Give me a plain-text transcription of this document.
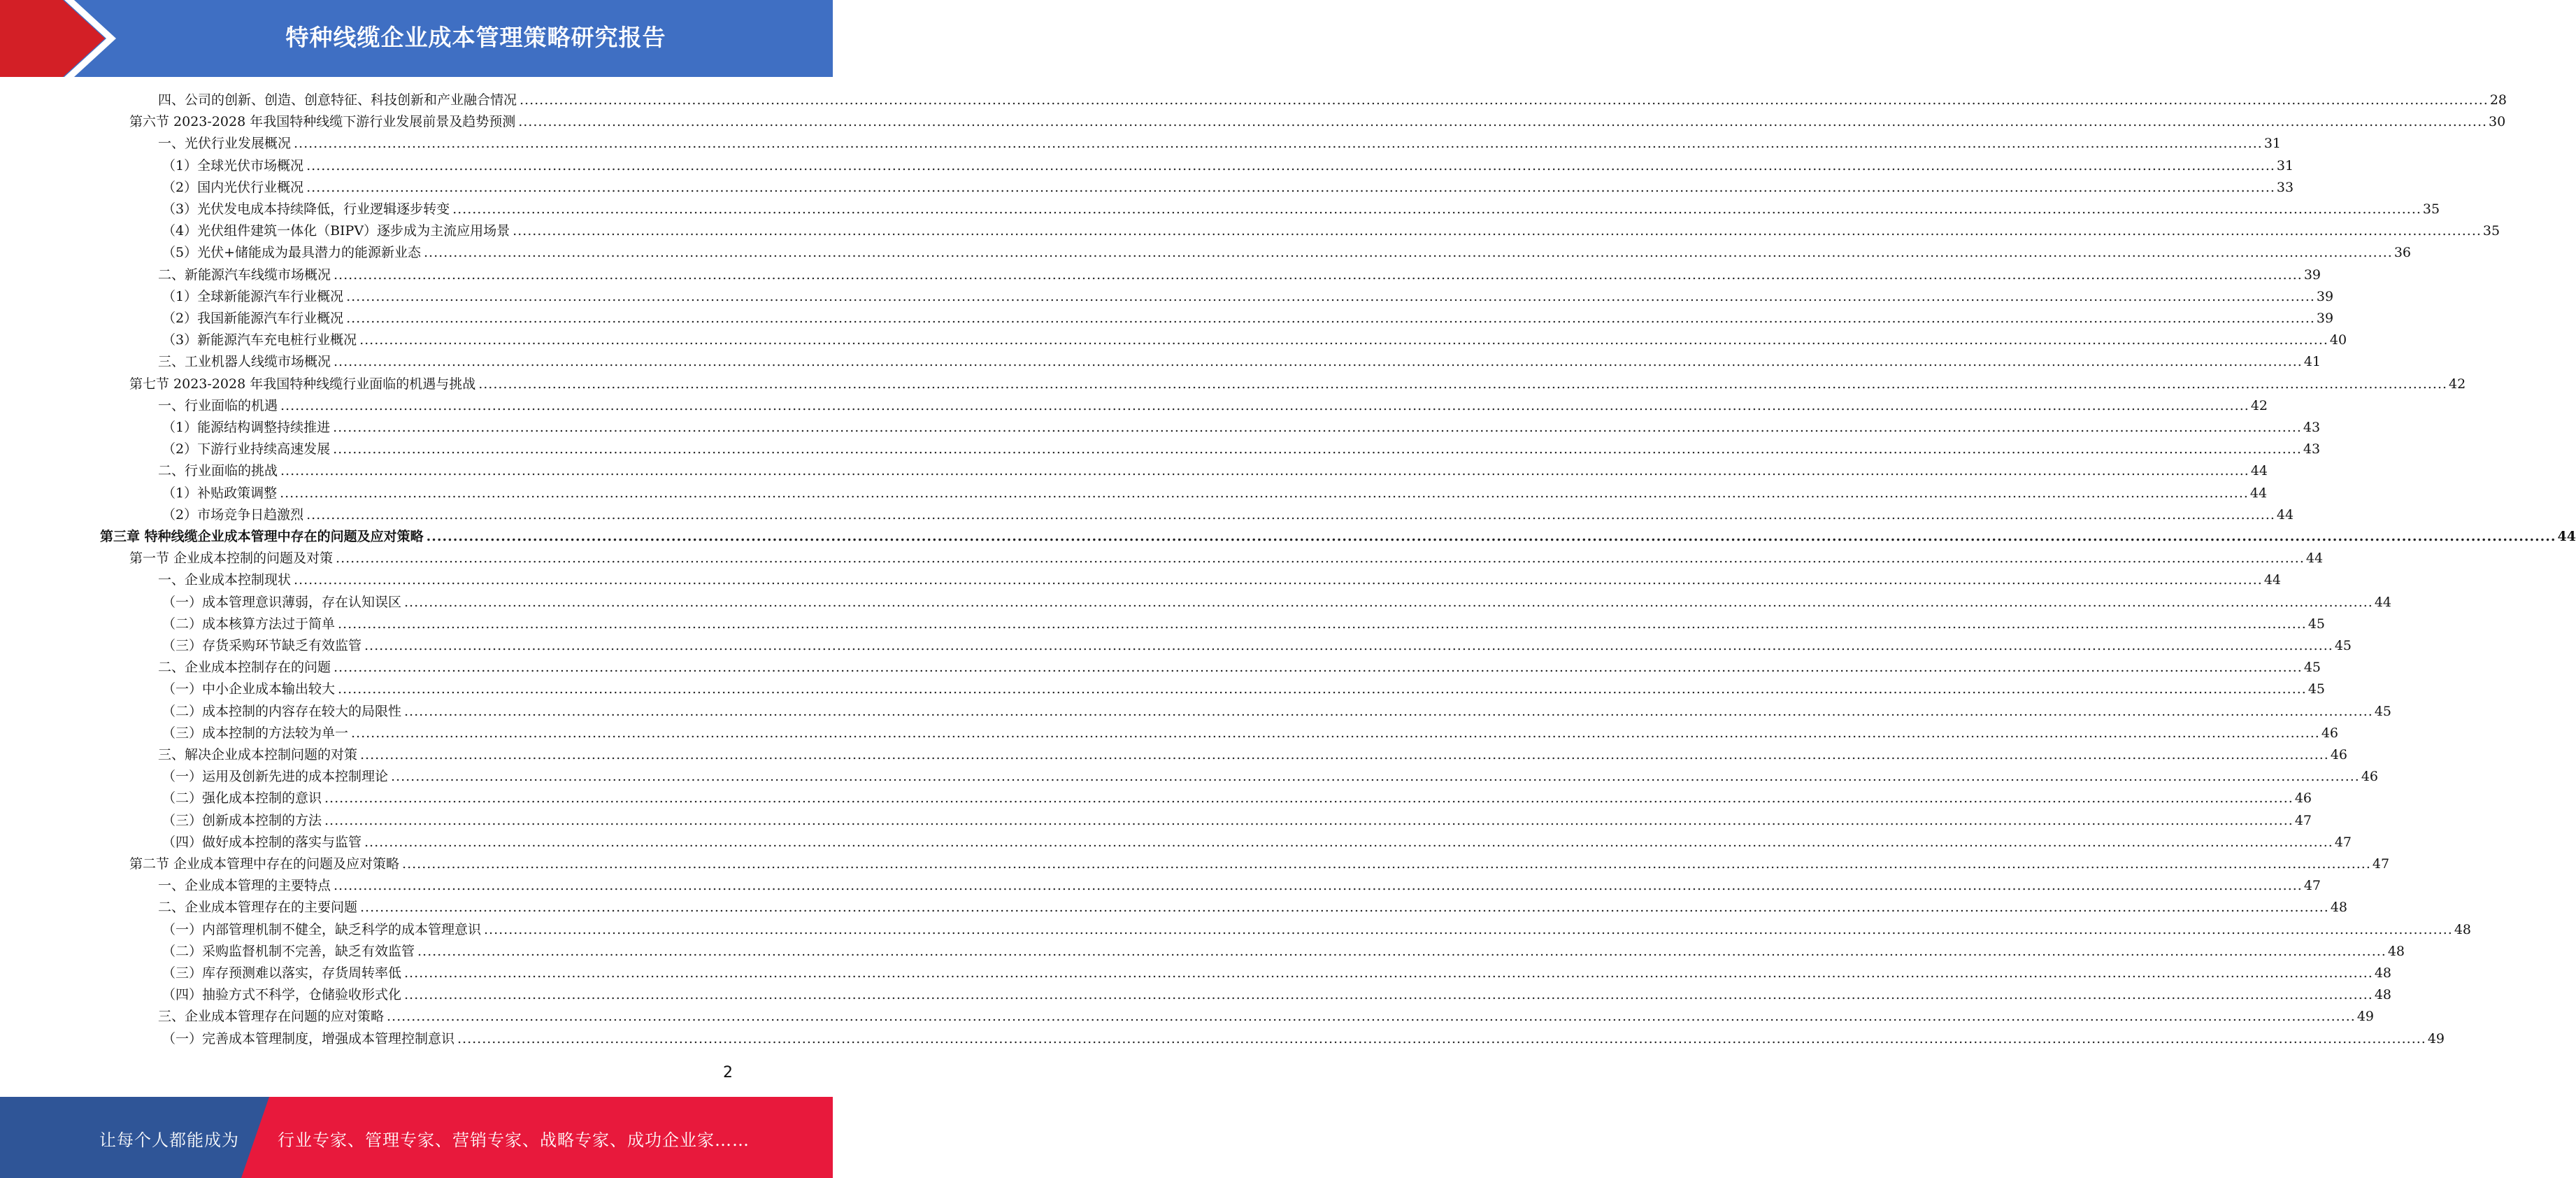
特种线缆企业成本管理策略研究报告
四、公司的创新、创造、创意特征、科技创新和产业融合情况 ................................................................................................................................................................................................................................................................................................................................................................................................................ 28
第六节 2023-2028 年我国特种线缆下游行业发展前景及趋势预测 ................................................................................................................................................................................................................................................................................................................................................................................................................ 30
一、光伏行业发展概况 ................................................................................................................................................................................................................................................................................................................................................................................................................ 31
（1）全球光伏市场概况 ................................................................................................................................................................................................................................................................................................................................................................................................................ 31
（2）国内光伏行业概况 ................................................................................................................................................................................................................................................................................................................................................................................................................ 33
（3）光伏发电成本持续降低，行业逻辑逐步转变 ................................................................................................................................................................................................................................................................................................................................................................................................................ 35
（4）光伏组件建筑一体化（BIPV）逐步成为主流应用场景 ................................................................................................................................................................................................................................................................................................................................................................................................................ 35
（5）光伏+储能成为最具潜力的能源新业态 ................................................................................................................................................................................................................................................................................................................................................................................................................ 36
二、新能源汽车线缆市场概况 ................................................................................................................................................................................................................................................................................................................................................................................................................ 39
（1）全球新能源汽车行业概况 ................................................................................................................................................................................................................................................................................................................................................................................................................ 39
（2）我国新能源汽车行业概况 ................................................................................................................................................................................................................................................................................................................................................................................................................ 39
（3）新能源汽车充电桩行业概况 ................................................................................................................................................................................................................................................................................................................................................................................................................ 40
三、工业机器人线缆市场概况 ................................................................................................................................................................................................................................................................................................................................................................................................................ 41
第七节 2023-2028 年我国特种线缆行业面临的机遇与挑战 ................................................................................................................................................................................................................................................................................................................................................................................................................ 42
一、行业面临的机遇 ................................................................................................................................................................................................................................................................................................................................................................................................................ 42
（1）能源结构调整持续推进 ................................................................................................................................................................................................................................................................................................................................................................................................................ 43
（2）下游行业持续高速发展 ................................................................................................................................................................................................................................................................................................................................................................................................................ 43
二、行业面临的挑战 ................................................................................................................................................................................................................................................................................................................................................................................................................ 44
（1）补贴政策调整 ................................................................................................................................................................................................................................................................................................................................................................................................................ 44
（2）市场竞争日趋激烈 ................................................................................................................................................................................................................................................................................................................................................................................................................ 44
第三章 特种线缆企业成本管理中存在的问题及应对策略 ................................................................................................................................................................................................................................................................................................................................................................................................................ 44
第一节 企业成本控制的问题及对策 ................................................................................................................................................................................................................................................................................................................................................................................................................ 44
一、企业成本控制现状 ................................................................................................................................................................................................................................................................................................................................................................................................................ 44
（一）成本管理意识薄弱，存在认知误区 ................................................................................................................................................................................................................................................................................................................................................................................................................ 44
（二）成本核算方法过于简单 ................................................................................................................................................................................................................................................................................................................................................................................................................ 45
（三）存货采购环节缺乏有效监管 ................................................................................................................................................................................................................................................................................................................................................................................................................ 45
二、企业成本控制存在的问题 ................................................................................................................................................................................................................................................................................................................................................................................................................ 45
（一）中小企业成本输出较大 ................................................................................................................................................................................................................................................................................................................................................................................................................ 45
（二）成本控制的内容存在较大的局限性 ................................................................................................................................................................................................................................................................................................................................................................................................................ 45
（三）成本控制的方法较为单一 ................................................................................................................................................................................................................................................................................................................................................................................................................ 46
三、解决企业成本控制问题的对策 ................................................................................................................................................................................................................................................................................................................................................................................................................ 46
（一）运用及创新先进的成本控制理论 ................................................................................................................................................................................................................................................................................................................................................................................................................ 46
（二）强化成本控制的意识 ................................................................................................................................................................................................................................................................................................................................................................................................................ 46
（三）创新成本控制的方法 ................................................................................................................................................................................................................................................................................................................................................................................................................ 47
（四）做好成本控制的落实与监管 ................................................................................................................................................................................................................................................................................................................................................................................................................ 47
第二节 企业成本管理中存在的问题及应对策略 ................................................................................................................................................................................................................................................................................................................................................................................................................ 47
一、企业成本管理的主要特点 ................................................................................................................................................................................................................................................................................................................................................................................................................ 47
二、企业成本管理存在的主要问题 ................................................................................................................................................................................................................................................................................................................................................................................................................ 48
（一）内部管理机制不健全，缺乏科学的成本管理意识 ................................................................................................................................................................................................................................................................................................................................................................................................................ 48
（二）采购监督机制不完善，缺乏有效监管 ................................................................................................................................................................................................................................................................................................................................................................................................................ 48
（三）库存预测难以落实，存货周转率低 ................................................................................................................................................................................................................................................................................................................................................................................................................ 48
（四）抽验方式不科学，仓储验收形式化 ................................................................................................................................................................................................................................................................................................................................................................................................................ 48
三、企业成本管理存在问题的应对策略 ................................................................................................................................................................................................................................................................................................................................................................................................................ 49
（一）完善成本管理制度，增强成本管理控制意识 ................................................................................................................................................................................................................................................................................................................................................................................................................ 49
2
让每个人都能成为 行业专家、管理专家、营销专家、战略专家、成功企业家……
